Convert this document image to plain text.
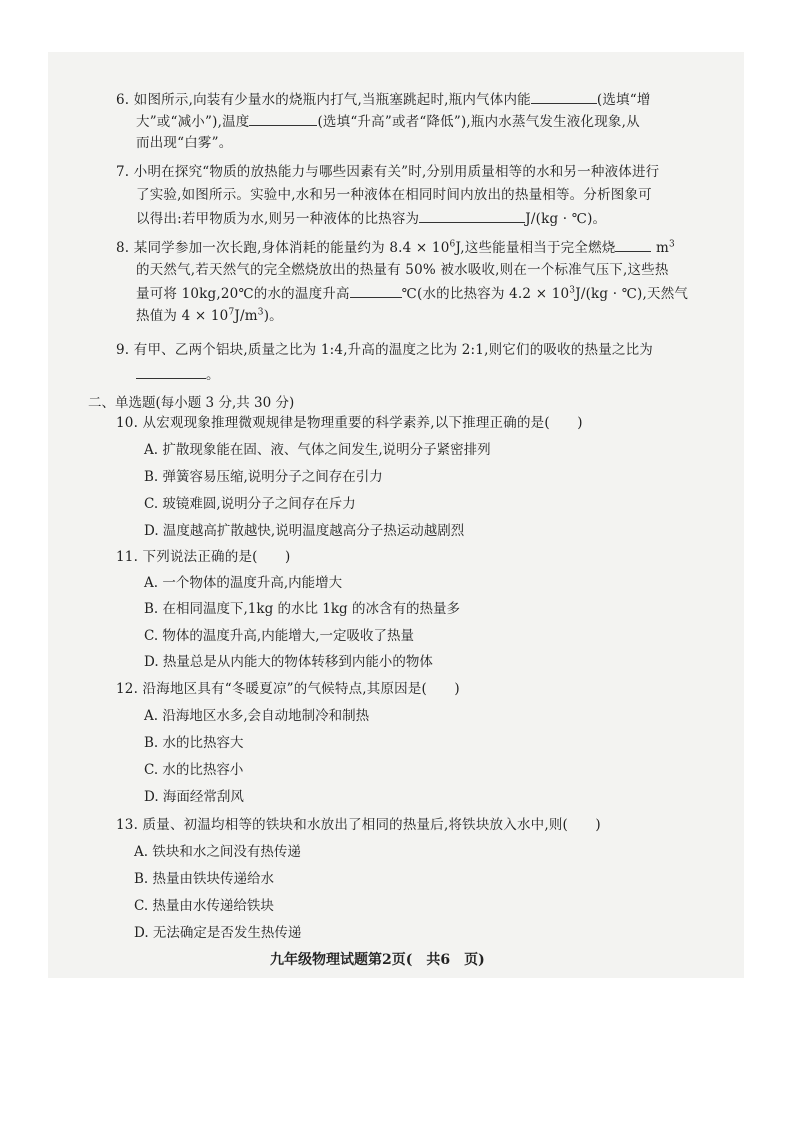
6. 如图所示,向装有少量水的烧瓶内打气,当瓶塞跳起时,瓶内气体内能	(选填“增
大”或“减小”),温度	(选填“升高”或者“降低”),瓶内水蒸气发生液化现象,从
而出现“白雾”。
7. 小明在探究“物质的放热能力与哪些因素有关”时,分别用质量相等的水和另一种液体进行
了实验,如图所示。实验中,水和另一种液体在相同时间内放出的热量相等。分析图象可
以得出:若甲物质为水,则另一种液体的比热容为	J/(kg · ℃)。
8. 某同学参加一次长跑,身体消耗的能量约为 $8.4 \times 10^6J$,这些能量相当于完全燃烧	$m^3$
的天然气,若天然气的完全燃烧放出的热量有 50% 被水吸收,则在一个标准气压下,这些热
量可将 10kg,20℃的水的温度升高	℃(水的比热容为 $4.2 \times 10^3J/(kg$ · ℃),天然气
热值为 $4 \times 10^7J/m^3$)。
9. 有甲、乙两个铝块,质量之比为 1:4,升高的温度之比为 2:1,则它们的吸收的热量之比为
。
二、单选题(每小题 3 分,共 30 分)
10. 从宏观现象推理微观规律是物理重要的科学素养,以下推理正确的是(　　)
A. 扩散现象能在固、液、气体之间发生,说明分子紧密排列
B. 弹簧容易压缩,说明分子之间存在引力
C. 玻镜难圆,说明分子之间存在斥力
D. 温度越高扩散越快,说明温度越高分子热运动越剧烈
11. 下列说法正确的是(　　)
A. 一个物体的温度升高,内能增大
B. 在相同温度下,1kg 的水比 1kg 的冰含有的热量多
C. 物体的温度升高,内能增大,一定吸收了热量
D. 热量总是从内能大的物体转移到内能小的物体
12. 沿海地区具有“冬暖夏凉”的气候特点,其原因是(　　)
A. 沿海地区水多,会自动地制冷和制热
B. 水的比热容大
C. 水的比热容小
D. 海面经常刮风
13. 质量、初温均相等的铁块和水放出了相同的热量后,将铁块放入水中,则(　　)
A. 铁块和水之间没有热传递
B. 热量由铁块传递给水
C. 热量由水传递给铁块
D. 无法确定是否发生热传递
九年级物理试题第2页(　共6　页)
